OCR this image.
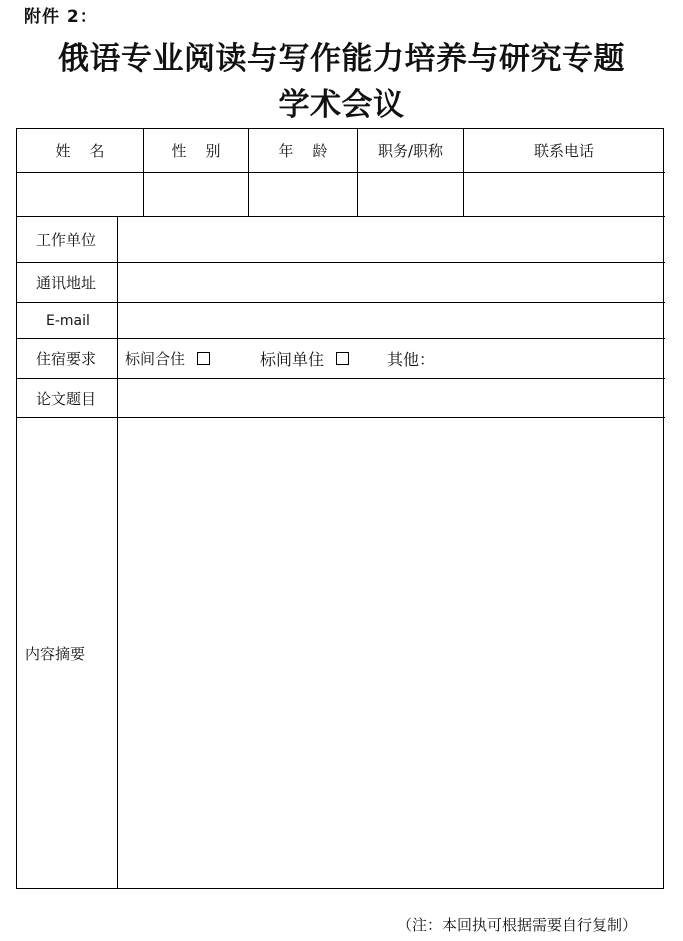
附件 2：
俄语专业阅读与写作能力培养与研究专题
学术会议
姓    名	性    别	年    龄	职务/职称	联系电话
工作单位
通讯地址
E-mail
住宿要求 标间合住	标间单住	其他：
论文题目
内容摘要
（注：本回执可根据需要自行复制）
